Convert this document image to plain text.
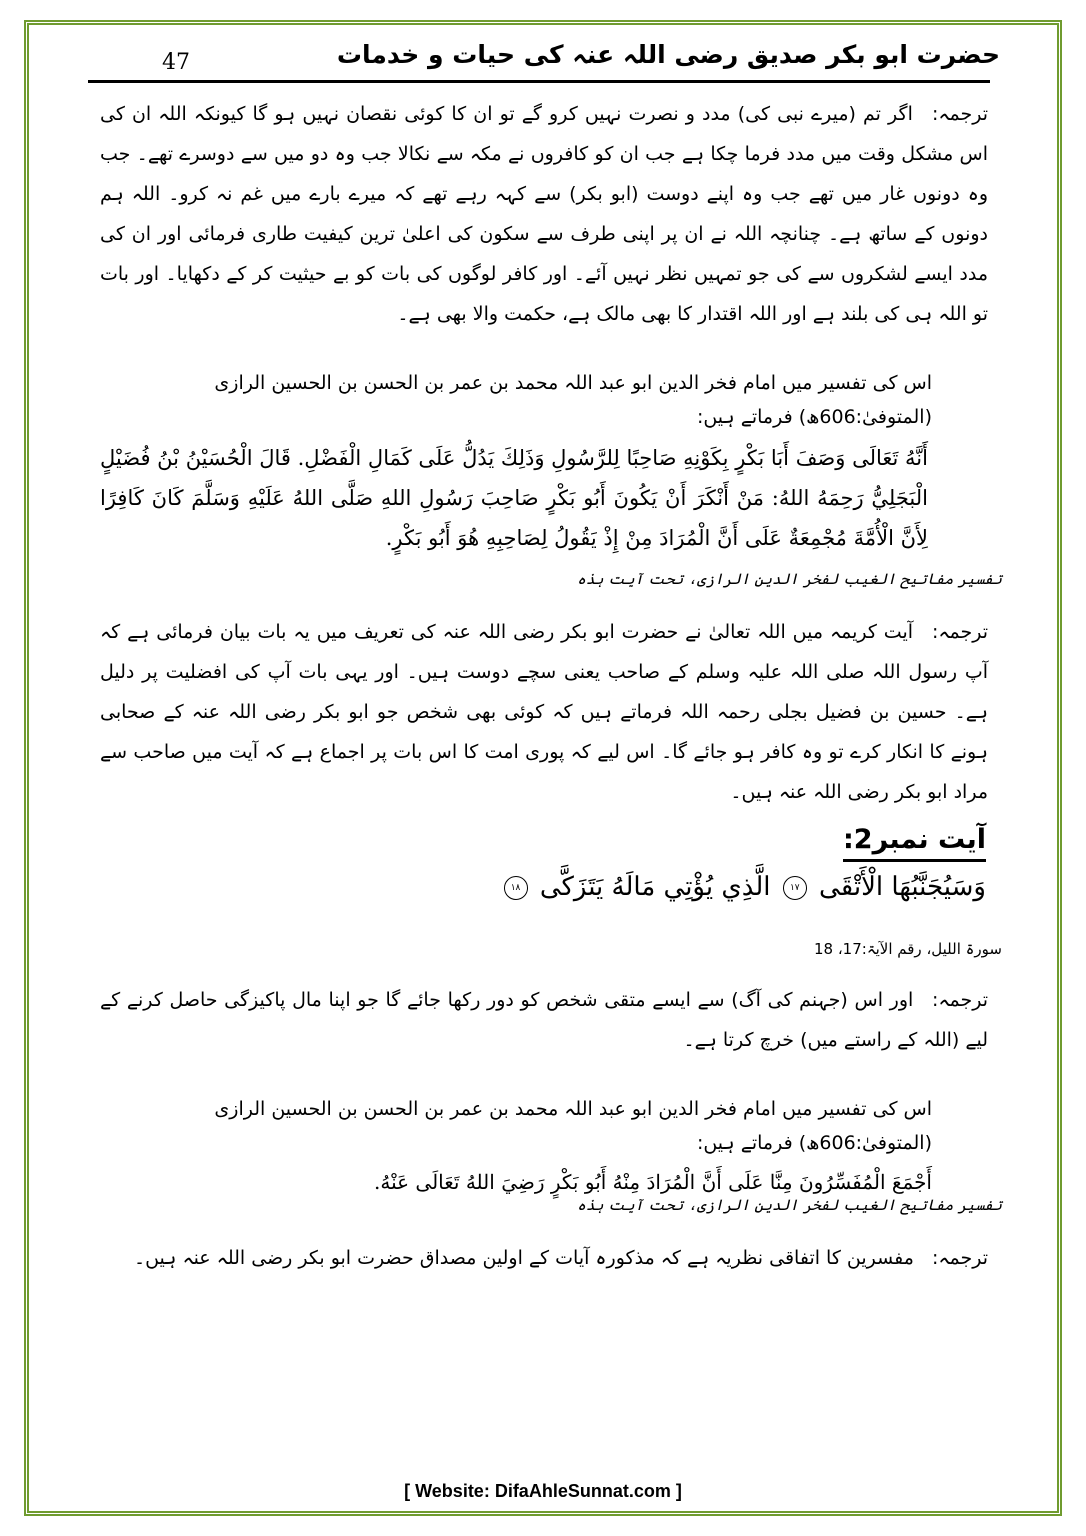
47	حضرت ابو بکر صدیق رضی اللہ عنہ کی حیات و خدمات
ترجمہ: اگر تم (میرے نبی کی) مدد و نصرت نہیں کرو گے تو ان کا کوئی نقصان نہیں ہو گا کیونکہ اللہ ان کی اس مشکل وقت میں مدد فرما چکا ہے جب ان کو کافروں نے مکہ سے نکالا جب وہ دو میں سے دوسرے تھے۔ جب وہ دونوں غار میں تھے جب وہ اپنے دوست (ابو بکر) سے کہہ رہے تھے کہ میرے بارے میں غم نہ کرو۔ اللہ ہم دونوں کے ساتھ ہے۔ چنانچہ اللہ نے ان پر اپنی طرف سے سکون کی اعلیٰ ترین کیفیت طاری فرمائی اور ان کی مدد ایسے لشکروں سے کی جو تمہیں نظر نہیں آئے۔ اور کافر لوگوں کی بات کو بے حیثیت کر کے دکھایا۔ اور بات تو اللہ ہی کی بلند ہے اور اللہ اقتدار کا بھی مالک ہے، حکمت والا بھی ہے۔
اس کی تفسیر میں امام فخر الدین ابو عبد اللہ محمد بن عمر بن الحسن بن الحسین الرازی (المتوفیٰ:606ھ) فرماتے ہیں:
أَنَّهُ تَعَالَى وَصَفَ أَبَا بَكْرٍ بِكَوْنِهِ صَاحِبًا لِلرَّسُولِ وَذَلِكَ يَدُلُّ عَلَى كَمَالِ الْفَضْلِ. قَالَ الْحُسَيْنُ بْنُ فُضَيْلٍ الْبَجَلِيُّ رَحِمَهُ اللهُ: مَنْ أَنْكَرَ أَنْ يَكُونَ أَبُو بَكْرٍ صَاحِبَ رَسُولِ اللهِ صَلَّى اللهُ عَلَيْهِ وَسَلَّمَ كَانَ كَافِرًا لِأَنَّ الْأُمَّةَ مُجْمِعَةٌ عَلَى أَنَّ الْمُرَادَ مِنْ إِذْ يَقُولُ لِصَاحِبِهِ هُوَ أَبُو بَكْرٍ.
تفسیر مفاتیح الغیب لفخر الدین الرازی، تحت آیت ہذہ
ترجمہ: آیت کریمہ میں اللہ تعالیٰ نے حضرت ابو بکر رضی اللہ عنہ کی تعریف میں یہ بات بیان فرمائی ہے کہ آپ رسول اللہ صلی اللہ علیہ وسلم کے صاحب یعنی سچے دوست ہیں۔ اور یہی بات آپ کی افضلیت پر دلیل ہے۔ حسین بن فضیل بجلی رحمہ اللہ فرماتے ہیں کہ کوئی بھی شخص جو ابو بکر رضی اللہ عنہ کے صحابی ہونے کا انکار کرے تو وہ کافر ہو جائے گا۔ اس لیے کہ پوری امت کا اس بات پر اجماع ہے کہ آیت میں صاحب سے مراد ابو بکر رضی اللہ عنہ ہیں۔
آیت نمبر2:
وَسَيُجَنَّبُهَا الْأَتْقَى ١٧ الَّذِي يُؤْتِي مَالَهُ يَتَزَكَّى ١٨
سورۃ اللیل، رقم الآیۃ:17، 18
ترجمہ: اور اس (جہنم کی آگ) سے ایسے متقی شخص کو دور رکھا جائے گا جو اپنا مال پاکیزگی حاصل کرنے کے لیے (اللہ کے راستے میں) خرچ کرتا ہے۔
اس کی تفسیر میں امام فخر الدین ابو عبد اللہ محمد بن عمر بن الحسن بن الحسین الرازی (المتوفیٰ:606ھ) فرماتے ہیں:
أَجْمَعَ الْمُفَسِّرُونَ مِنَّا عَلَى أَنَّ الْمُرَادَ مِنْهُ أَبُو بَكْرٍ رَضِيَ اللهُ تَعَالَى عَنْهُ.
تفسیر مفاتیح الغیب لفخر الدین الرازی، تحت آیت ہذہ
ترجمہ: مفسرین کا اتفاقی نظریہ ہے کہ مذکورہ آیات کے اولین مصداق حضرت ابو بکر رضی اللہ عنہ ہیں۔
[ Website: DifaAhleSunnat.com ]
